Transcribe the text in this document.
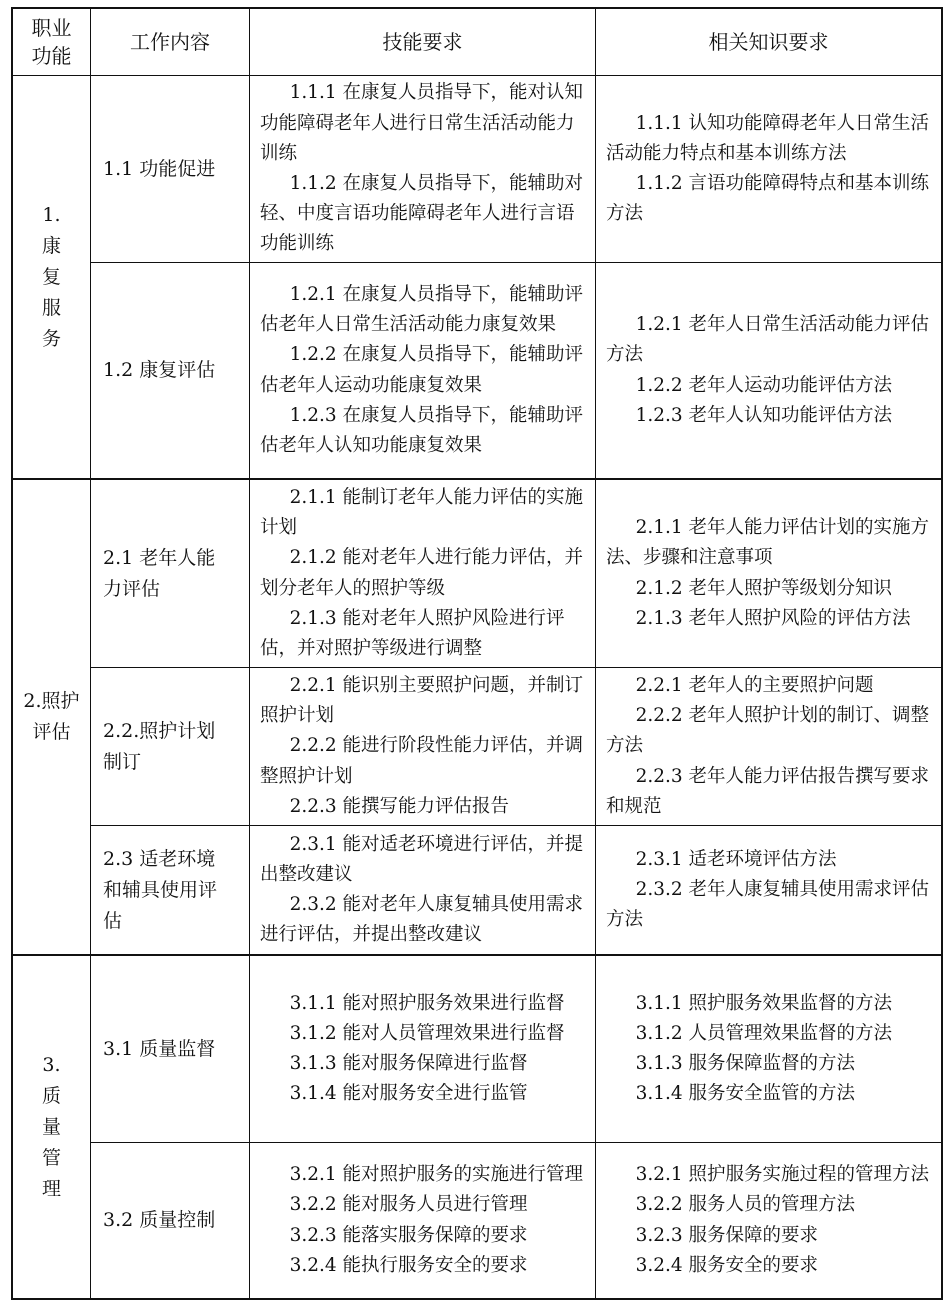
职业
功能
工作内容	技能要求	相关知识要求
1.
康
复
服
务
1.1 功能促进

1.1.1 在康复人员指导下，能对认知功能障碍老年人进行日常生活活动能力训练

1.1.2 在康复人员指导下，能辅助对轻、中度言语功能障碍老年人进行言语功能训练

1.1.1 认知功能障碍老年人日常生活活动能力特点和基本训练方法

1.1.2 言语功能障碍特点和基本训练方法

1.2 康复评估

1.2.1 在康复人员指导下，能辅助评估老年人日常生活活动能力康复效果

1.2.2 在康复人员指导下，能辅助评估老年人运动功能康复效果

1.2.3 在康复人员指导下，能辅助评估老年人认知功能康复效果

1.2.1 老年人日常生活活动能力评估方法

1.2.2 老年人运动功能评估方法

1.2.3 老年人认知功能评估方法

2.照护
评估
2.1 老年人能
力评估

2.1.1 能制订老年人能力评估的实施计划

2.1.2 能对老年人进行能力评估，并划分老年人的照护等级

2.1.3 能对老年人照护风险进行评估，并对照护等级进行调整

2.1.1 老年人能力评估计划的实施方法、步骤和注意事项

2.1.2 老年人照护等级划分知识

2.1.3 老年人照护风险的评估方法

2.2.照护计划
制订

2.2.1 能识别主要照护问题，并制订照护计划

2.2.2 能进行阶段性能力评估，并调整照护计划

2.2.3 能撰写能力评估报告

2.2.1 老年人的主要照护问题

2.2.2 老年人照护计划的制订、调整方法

2.2.3 老年人能力评估报告撰写要求和规范

2.3 适老环境
和辅具使用评
估

2.3.1 能对适老环境进行评估，并提出整改建议

2.3.2 能对老年人康复辅具使用需求进行评估，并提出整改建议

2.3.1 适老环境评估方法

2.3.2 老年人康复辅具使用需求评估方法

3.
质
量
管
理
3.1 质量监督

3.1.1 能对照护服务效果进行监督

3.1.2 能对人员管理效果进行监督

3.1.3 能对服务保障进行监督

3.1.4 能对服务安全进行监管

3.1.1 照护服务效果监督的方法

3.1.2 人员管理效果监督的方法

3.1.3 服务保障监督的方法

3.1.4 服务安全监管的方法

3.2 质量控制

3.2.1 能对照护服务的实施进行管理

3.2.2 能对服务人员进行管理

3.2.3 能落实服务保障的要求

3.2.4 能执行服务安全的要求

3.2.1 照护服务实施过程的管理方法

3.2.2 服务人员的管理方法

3.2.3 服务保障的要求

3.2.4 服务安全的要求
